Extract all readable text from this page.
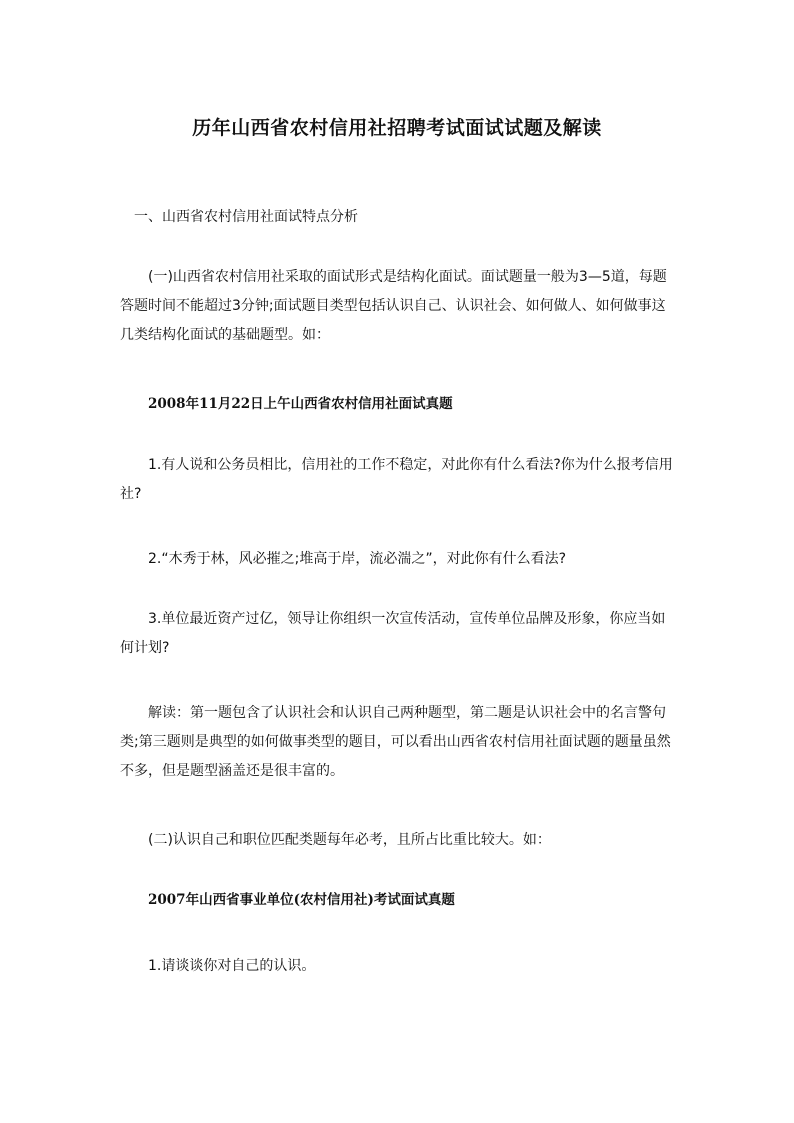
历年山西省农村信用社招聘考试面试试题及解读

一、山西省农村信用社面试特点分析

(一)山西省农村信用社采取的面试形式是结构化面试。面试题量一般为3—5道，每题答题时间不能超过3分钟;面试题目类型包括认识自己、认识社会、如何做人、如何做事这几类结构化面试的基础题型。如：

2008年11月22日上午山西省农村信用社面试真题

1.有人说和公务员相比，信用社的工作不稳定，对此你有什么看法?你为什么报考信用社?

2.“木秀于林，风必摧之;堆高于岸，流必湍之”，对此你有什么看法?

3.单位最近资产过亿，领导让你组织一次宣传活动，宣传单位品牌及形象，你应当如何计划?

解读：第一题包含了认识社会和认识自己两种题型，第二题是认识社会中的名言警句类;第三题则是典型的如何做事类型的题目，可以看出山西省农村信用社面试题的题量虽然不多，但是题型涵盖还是很丰富的。

(二)认识自己和职位匹配类题每年必考，且所占比重比较大。如：

2007年山西省事业单位(农村信用社)考试面试真题

1.请谈谈你对自己的认识。
